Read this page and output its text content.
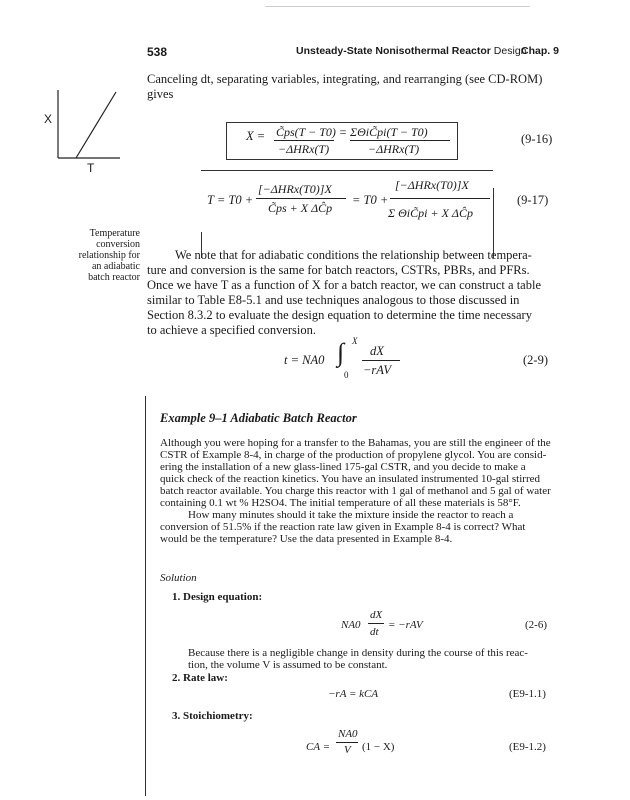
538	Unsteady-State Nonisothermal Reactor Design
Chap. 9
X
T
Temperature
conversion
relationship for
an adiabatic
batch reactor
Canceling dt, separating variables, integrating, and rearranging (see CD-ROM)
gives
X = C̃ps(T − T0) = ΣΘiC̃pi(T − T0)
−ΔHRx(T)	−ΔHRx(T)
(9-16)
T = T0 +
[−ΔHRx(T0)]X
C̃ps + X ΔĈp
= T0 +
[−ΔHRx(T0)]X
Σ ΘiC̃pi + X ΔĈp
(9-17)
We note that for adiabatic conditions the relationship between tempera-
ture and conversion is the same for batch reactors, CSTRs, PBRs, and PFRs.
Once we have T as a function of X for a batch reactor, we can construct a table
similar to Table E8-5.1 and use techniques analogous to those discussed in
Section 8.3.2 to evaluate the design equation to determine the time necessary
to achieve a specified conversion.
t = NA0 ∫ X
0
dX
−rAV
(2-9)
Example 9–1 Adiabatic Batch Reactor
Although you were hoping for a transfer to the Bahamas, you are still the engineer of the
CSTR of Example 8-4, in charge of the production of propylene glycol. You are consid-
ering the installation of a new glass-lined 175-gal CSTR, and you decide to make a
quick check of the reaction kinetics. You have an insulated instrumented 10-gal stirred
batch reactor available. You charge this reactor with 1 gal of methanol and 5 gal of water
containing 0.1 wt % H2SO4. The initial temperature of all these materials is 58°F.
How many minutes should it take the mixture inside the reactor to reach a
conversion of 51.5% if the reaction rate law given in Example 8-4 is correct? What
would be the temperature? Use the data presented in Example 8-4.
Solution
1. Design equation:
NA0
dX
dt
= −rAV	(2-6)
Because there is a negligible change in density during the course of this reac-
tion, the volume V is assumed to be constant.
2. Rate law:
−rA = kCA	(E9-1.1)
3. Stoichiometry:
CA =
NA0
V (1 − X)	(E9-1.2)
